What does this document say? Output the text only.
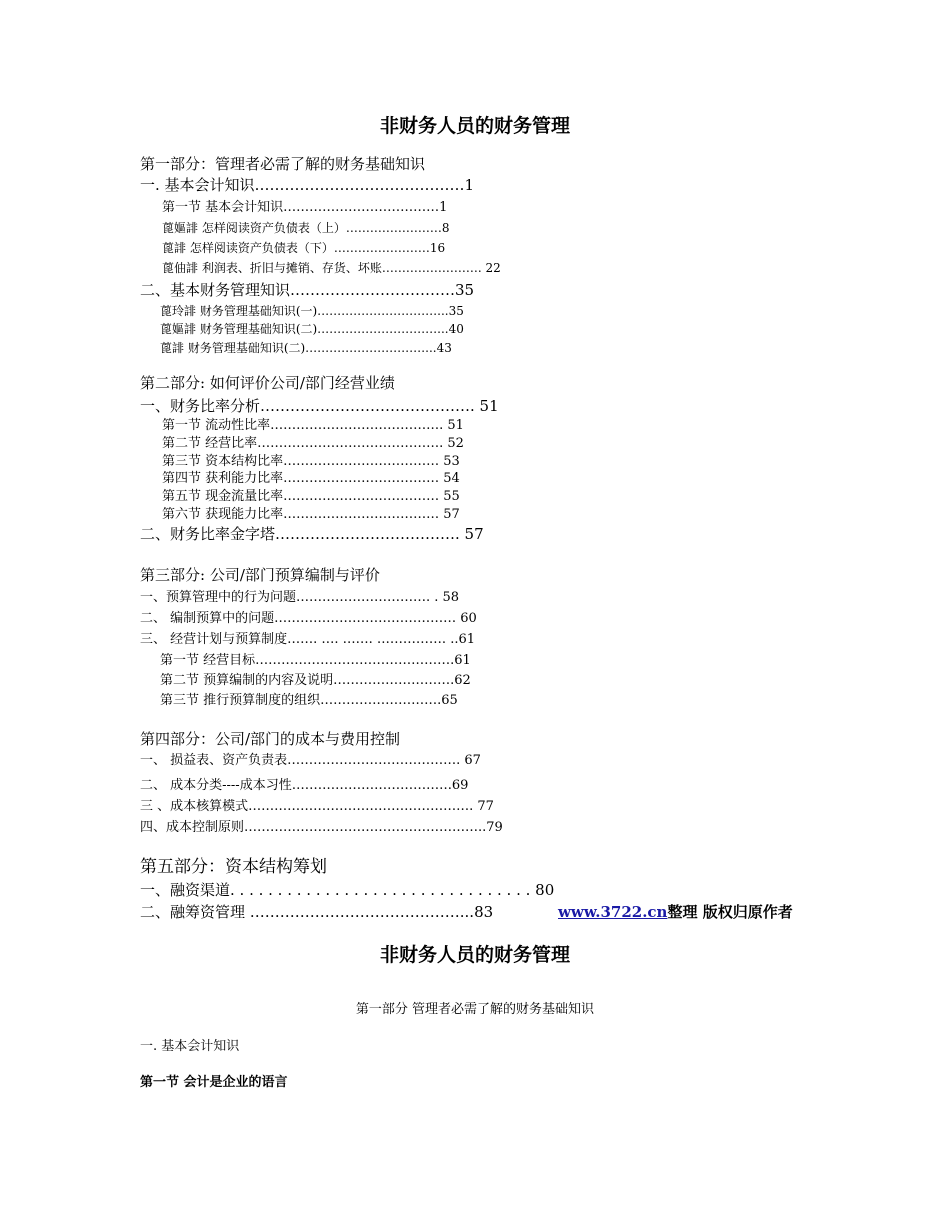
非财务人员的财务管理
第一部分：管理者必需了解的财务基础知识
一. 基本会计知识……………………………………1
第一节 基本会计知识………………………………1
蓖嫗誹 怎样阅读资产负债表（上）……………………8
蓖誹 怎样阅读资产负债表（下）……………………16
蓖伷誹 利润表、折旧与摊销、存货、坏账……………………. 22
二、基本财务管理知识……………………………35
蓖玲誹 财务管理基础知识(一)…………………………...35
蓖嫗誹 财务管理基础知识(二)…………………………...40
蓖誹 财务管理基础知识(二)…………………………...43
第二部分: 如何评价公司/部门经营业绩
一、财务比率分析……………………………………. 51
第一节 流动性比率…………………………………. 51
第二节 经营比率……………………………………. 52
第三节 资本结构比率……………………………… 53
第四节 获利能力比率……………………………… 54
第五节 现金流量比率……………………………… 55
第六节 获现能力比率……………………………… 57
二、财务比率金字塔………………………………. 57
第三部分: 公司/部门预算编制与评价
一、预算管理中的行为问题…………………………. . 58
二、 编制预算中的问题…………………………………… 60
三、 经营计划与预算制度……. …. ……. ……………. ..61
第一节 经营目标……………………………………….61
第二节 预算编制的内容及说明……………………….62
第三节 推行预算制度的组织……………………….65
第四部分：公司/部门的成本与费用控制
一、 损益表、资产负责表…………………………………. 67
二、 成本分类----成本习性……………………………….69
三 、成本核算模式……………………………………………. 77
四、成本控制原则………………………………………………..79
第五部分：资本结构筹划
一、融资渠道. . . . . . . . . . . . . . . . . . . . . . . . . . . . . . . . 80
二、融筹资管理 ……………………………………...83	www.3722.cn整理 版权归原作者
非财务人员的财务管理
第一部分 管理者必需了解的财务基础知识
一. 基本会计知识
第一节 会计是企业的语言
